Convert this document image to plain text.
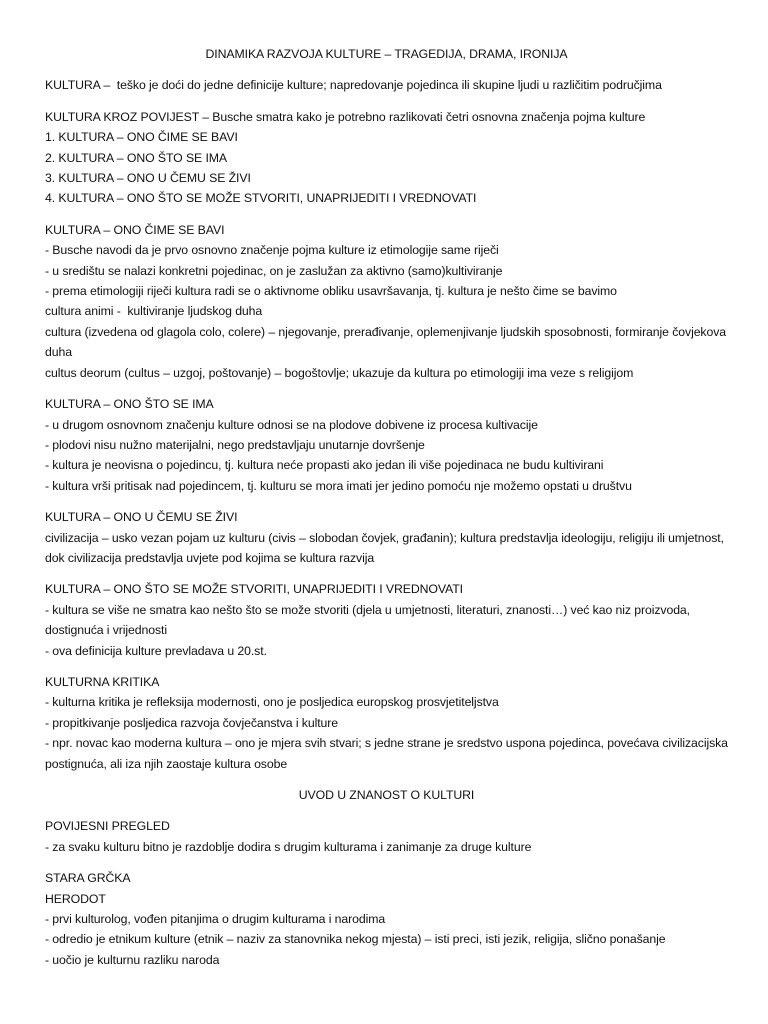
DINAMIKA RAZVOJA KULTURE – TRAGEDIJA, DRAMA, IRONIJA

KULTURA –  teško je doći do jedne definicije kulture; napredovanje pojedinca ili skupine ljudi u različitim područjima

KULTURA KROZ POVIJEST – Busche smatra kako je potrebno razlikovati četri osnovna značenja pojma kulture

1. KULTURA – ONO ČIME SE BAVI

2. KULTURA – ONO ŠTO SE IMA

3. KULTURA – ONO U ČEMU SE ŽIVI

4. KULTURA – ONO ŠTO SE MOŽE STVORITI, UNAPRIJEDITI I VREDNOVATI

KULTURA – ONO ČIME SE BAVI

- Busche navodi da je prvo osnovno značenje pojma kulture iz etimologije same riječi

- u središtu se nalazi konkretni pojedinac, on je zaslužan za aktivno (samo)kultiviranje

- prema etimologiji riječi kultura radi se o aktivnome obliku usavršavanja, tj. kultura je nešto čime se bavimo

cultura animi -  kultiviranje ljudskog duha

cultura (izvedena od glagola colo, colere) – njegovanje, prerađivanje, oplemenjivanje ljudskih sposobnosti, formiranje čovjekova duha

cultus deorum (cultus – uzgoj, poštovanje) – bogoštovlje; ukazuje da kultura po etimologiji ima veze s religijom

KULTURA – ONO ŠTO SE IMA

- u drugom osnovnom značenju kulture odnosi se na plodove dobivene iz procesa kultivacije

- plodovi nisu nužno materijalni, nego predstavljaju unutarnje dovršenje

- kultura je neovisna o pojedincu, tj. kultura neće propasti ako jedan ili više pojedinaca ne budu kultivirani

- kultura vrši pritisak nad pojedincem, tj. kulturu se mora imati jer jedino pomoću nje možemo opstati u društvu

KULTURA – ONO U ČEMU SE ŽIVI

civilizacija – usko vezan pojam uz kulturu (civis – slobodan čovjek, građanin); kultura predstavlja ideologiju, religiju ili umjetnost, dok civilizacija predstavlja uvjete pod kojima se kultura razvija

KULTURA – ONO ŠTO SE MOŽE STVORITI, UNAPRIJEDITI I VREDNOVATI

- kultura se više ne smatra kao nešto što se može stvoriti (djela u umjetnosti, literaturi, znanosti…) već kao niz proizvoda, dostignuća i vrijednosti

- ova definicija kulture prevladava u 20.st.

KULTURNA KRITIKA

- kulturna kritika je refleksija modernosti, ono je posljedica europskog prosvjetiteljstva

- propitkivanje posljedica razvoja čovječanstva i kulture

- npr. novac kao moderna kultura – ono je mjera svih stvari; s jedne strane je sredstvo uspona pojedinca, povećava civilizacijska postignuća, ali iza njih zaostaje kultura osobe

UVOD U ZNANOST O KULTURI

POVIJESNI PREGLED

- za svaku kulturu bitno je razdoblje dodira s drugim kulturama i zanimanje za druge kulture

STARA GRČKA

HERODOT

- prvi kulturolog, vođen pitanjima o drugim kulturama i narodima

- odredio je etnikum kulture (etnik – naziv za stanovnika nekog mjesta) – isti preci, isti jezik, religija, slično ponašanje

- uočio je kulturnu razliku naroda
